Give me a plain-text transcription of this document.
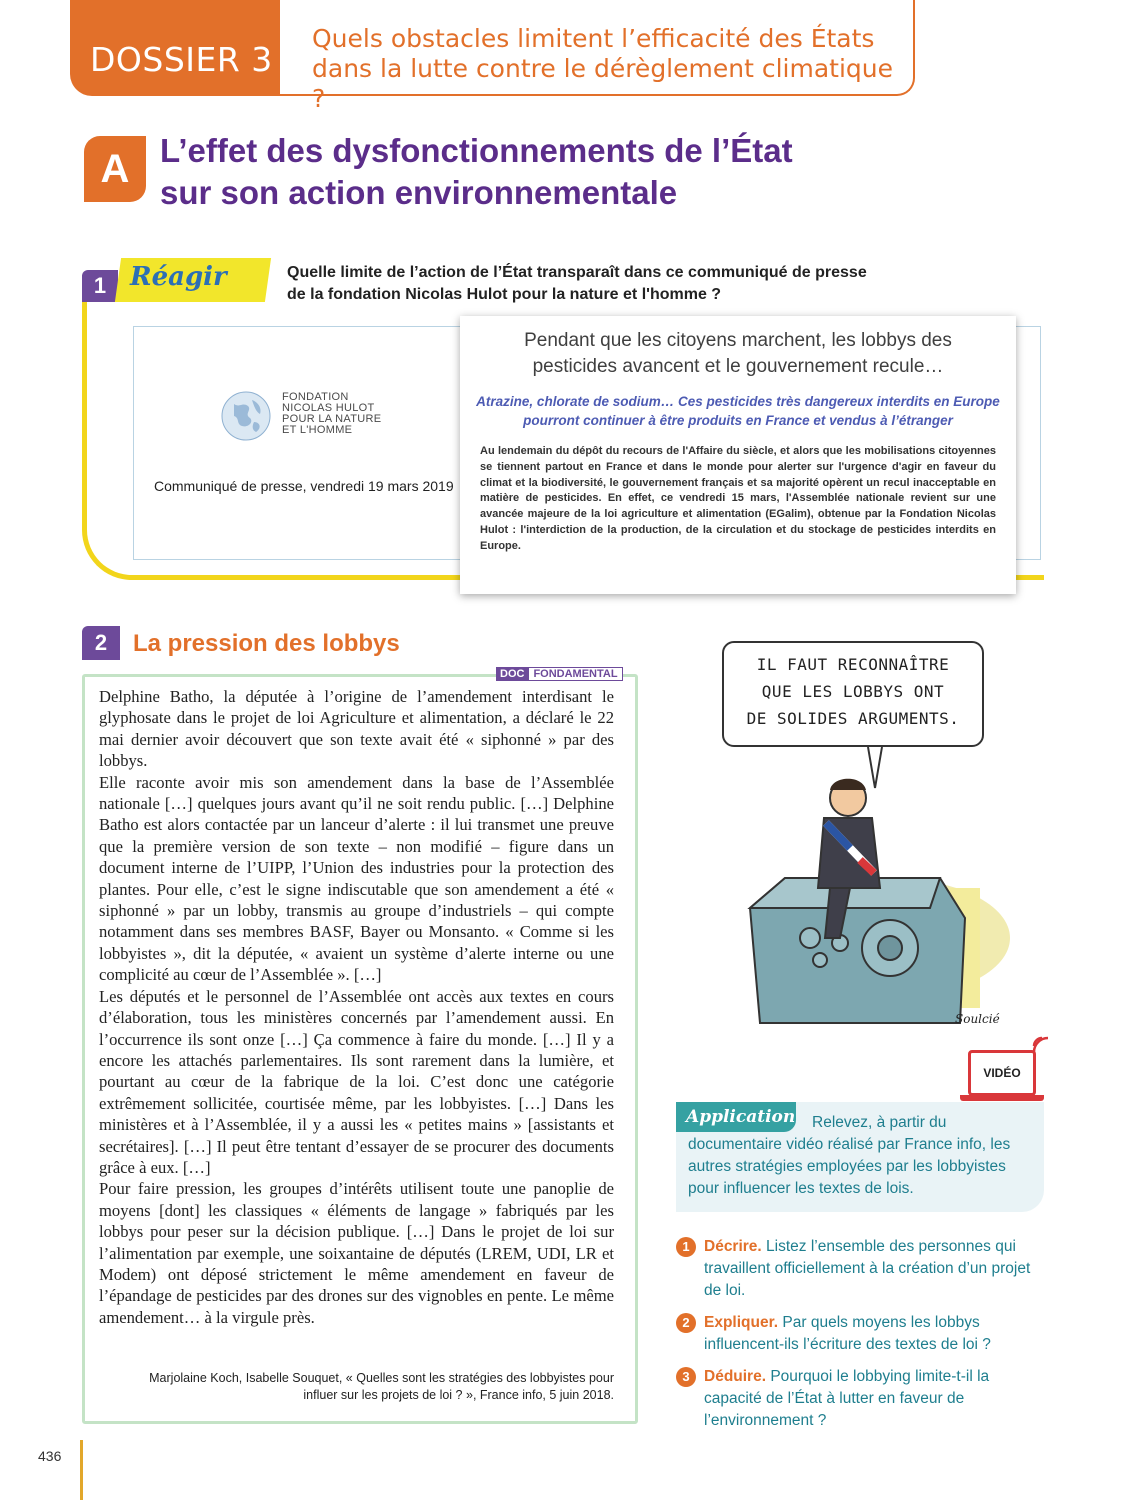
DOSSIER 3
Quels obstacles limitent l’efficacité des États
dans la lutte contre le dérèglement climatique ?
A L’effet des dysfonctionnements de l’État
sur son action environnementale
1 Réagir	Quelle limite de l’action de l’État transparaît dans ce communiqué de presse
de la fondation Nicolas Hulot pour la nature et l'homme ?
FONDATION
NICOLAS HULOT
POUR LA NATURE
ET L'HOMME
Communiqué de presse, vendredi 19 mars 2019
Pendant que les citoyens marchent, les lobbys des
pesticides avancent et le gouvernement recule…
Atrazine, chlorate de sodium… Ces pesticides très dangereux interdits en Europe
pourront continuer à être produits en France et vendus à l’étranger
Au lendemain du dépôt du recours de l'Affaire du siècle, et alors que les mobilisations citoyennes se tiennent partout en France et dans le monde pour alerter sur l'urgence d'agir en faveur du climat et la biodiversité, le gouvernement français et sa majorité opèrent un recul inacceptable en matière de pesticides. En effet, ce vendredi 15 mars, l'Assemblée nationale revient sur une avancée majeure de la loi agriculture et alimentation (EGalim), obtenue par la Fondation Nicolas Hulot : l'interdiction de la production, de la circulation et du stockage de pesticides interdits en Europe.
2	La pression des lobbys
DOC FONDAMENTAL

Delphine Batho, la députée à l’origine de l’amendement interdisant le glyphosate dans le projet de loi Agriculture et alimentation, a déclaré le 22 mai dernier avoir découvert que son texte avait été « siphonné » par des lobbys.

Elle raconte avoir mis son amendement dans la base de l’Assemblée nationale […] quelques jours avant qu’il ne soit rendu public. […] Delphine Batho est alors contactée par un lanceur d’alerte : il lui transmet une preuve que la première version de son texte – non modifié – figure dans un document interne de l’UIPP, l’Union des industries pour la protection des plantes. Pour elle, c’est le signe indiscutable que son amendement a été « siphonné » par un lobby, transmis au groupe d’industriels – qui compte notamment dans ses membres BASF, Bayer ou Monsanto. « Comme si les lobbyistes », dit la députée, « avaient un système d’alerte interne ou une complicité au cœur de l’Assemblée ». […]

Les députés et le personnel de l’Assemblée ont accès aux textes en cours d’élaboration, tous les ministères concernés par l’amendement aussi. En l’occurrence ils sont onze […] Ça commence à faire du monde. […] Il y a encore les attachés parlementaires. Ils sont rarement dans la lumière, et pourtant au cœur de la fabrique de la loi. C’est donc une catégorie extrêmement sollicitée, courtisée même, par les lobbyistes. […] Dans les ministères et à l’Assemblée, il y a aussi les « petites mains » [assistants et secrétaires]. […] Il peut être tentant d’essayer de se procurer des documents grâce à eux. […]

Pour faire pression, les groupes d’intérêts utilisent toute une panoplie de moyens [dont] les classiques « éléments de langage » fabriqués par les lobbys pour peser sur la décision publique. […] Dans le projet de loi sur l’alimentation par exemple, une soixantaine de députés (LREM, UDI, LR et Modem) ont déposé strictement le même amendement en faveur de l’épandage de pesticides par des drones sur des vignobles en pente. Le même amendement… à la virgule près.

Marjolaine Koch, Isabelle Souquet, « Quelles sont les stratégies des lobbyistes pour
influer sur les projets de loi ? », France info, 5 juin 2018.
IL FAUT RECONNAÎTRE
QUE LES LOBBYS ONT
DE SOLIDES ARGUMENTS.
Soulcié
VIDÉO
Application	Relevez, à partir du documentaire vidéo réalisé par France info, les autres stratégies employées par les lobbyistes pour influencer les textes de lois.
1 Décrire. Listez l’ensemble des personnes qui travaillent officiellement à la création d’un projet de loi.
2 Expliquer. Par quels moyens les lobbys influencent-ils l’écriture des textes de loi ?
3 Déduire. Pourquoi le lobbying limite-t-il la capacité de l’État à lutter en faveur de l’environnement ?
436
